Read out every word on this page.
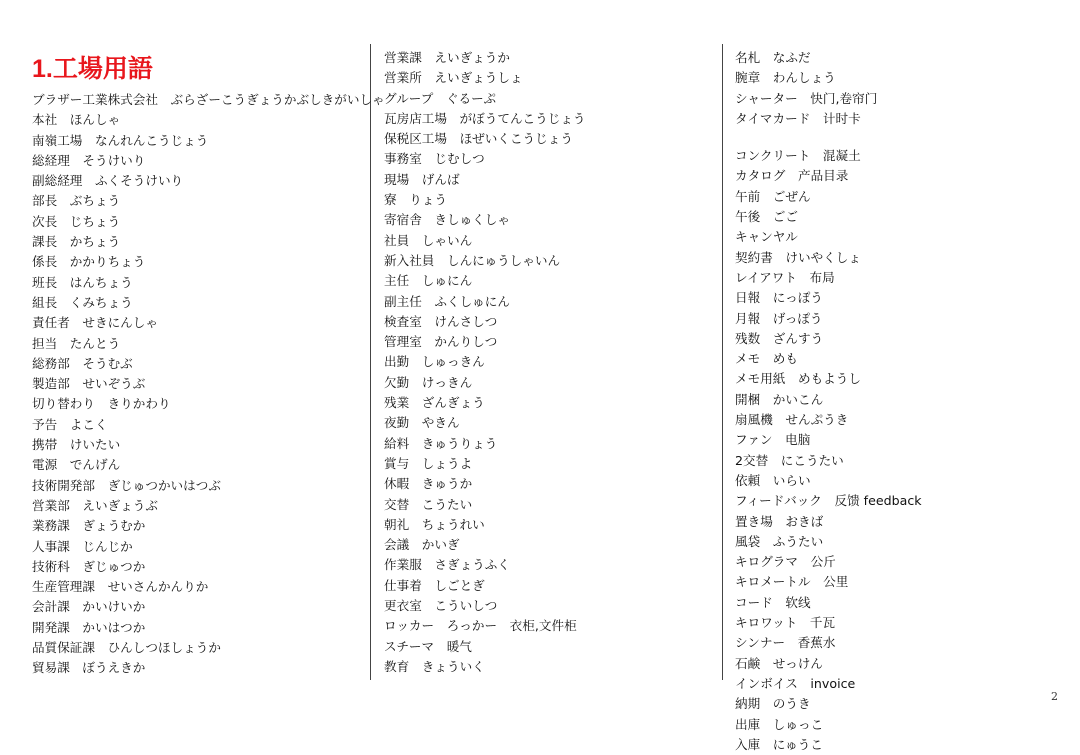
1.工場用語
ブラザー工業株式会社　ぶらざーこうぎょうかぶしきがいしゃ
本社　ほんしゃ
南嶺工場　なんれんこうじょう
総経理　そうけいり
副総経理　ふくそうけいり
部長　ぶちょう
次長　じちょう
課長　かちょう
係長　かかりちょう
班長　はんちょう
組長　くみちょう
責任者　せきにんしゃ
担当　たんとう
総務部　そうむぶ
製造部　せいぞうぶ
切り替わり　きりかわり
予告　よこく
携帯　けいたい
電源　でんげん
技術開発部　ぎじゅつかいはつぶ
営業部　えいぎょうぶ
業務課　ぎょうむか
人事課　じんじか
技術科　ぎじゅつか
生産管理課　せいさんかんりか
会計課　かいけいか
開発課　かいはつか
品質保証課　ひんしつほしょうか
貿易課　ぼうえきか
営業課　えいぎょうか
営業所　えいぎょうしょ
グループ　ぐるーぷ
瓦房店工場　がぼうてんこうじょう
保税区工場　ほぜいくこうじょう
事務室　じむしつ
現場　げんば
寮　りょう
寄宿舎　きしゅくしゃ
社員　しゃいん
新入社員　しんにゅうしゃいん
主任　しゅにん
副主任　ふくしゅにん
検査室　けんさしつ
管理室　かんりしつ
出勤　しゅっきん
欠勤　けっきん
残業　ざんぎょう
夜勤　やきん
給料　きゅうりょう
賞与　しょうよ
休暇　きゅうか
交替　こうたい
朝礼　ちょうれい
会議　かいぎ
作業服　さぎょうふく
仕事着　しごとぎ
更衣室　こういしつ
ロッカー　ろっかー　衣柜,文件柜
スチーマ　暖气
教育　きょういく
名札　なふだ
腕章　わんしょう
シャーター　快门,卷帘门
タイマカード　计时卡
コンクリート　混凝土
カタログ　产品目录
午前　ごぜん
午後　ごご
キャンヤル
契約書　けいやくしょ
レイアワト　布局
日報　にっぽう
月報　げっぽう
残数　ざんすう
メモ　めも
メモ用紙　めもようし
開梱　かいこん
扇風機　せんぷうき
ファン　电脑
2交替　にこうたい
依頼　いらい
フィードバック　反馈 feedback
置き場　おきば
風袋　ふうたい
キログラマ　公斤
キロメートル　公里
コード　软线
キロワット　千瓦
シンナー　香蕉水
石鹸　せっけん
インボイス　invoice
納期　のうき
出庫　しゅっこ
入庫　にゅうこ
2
